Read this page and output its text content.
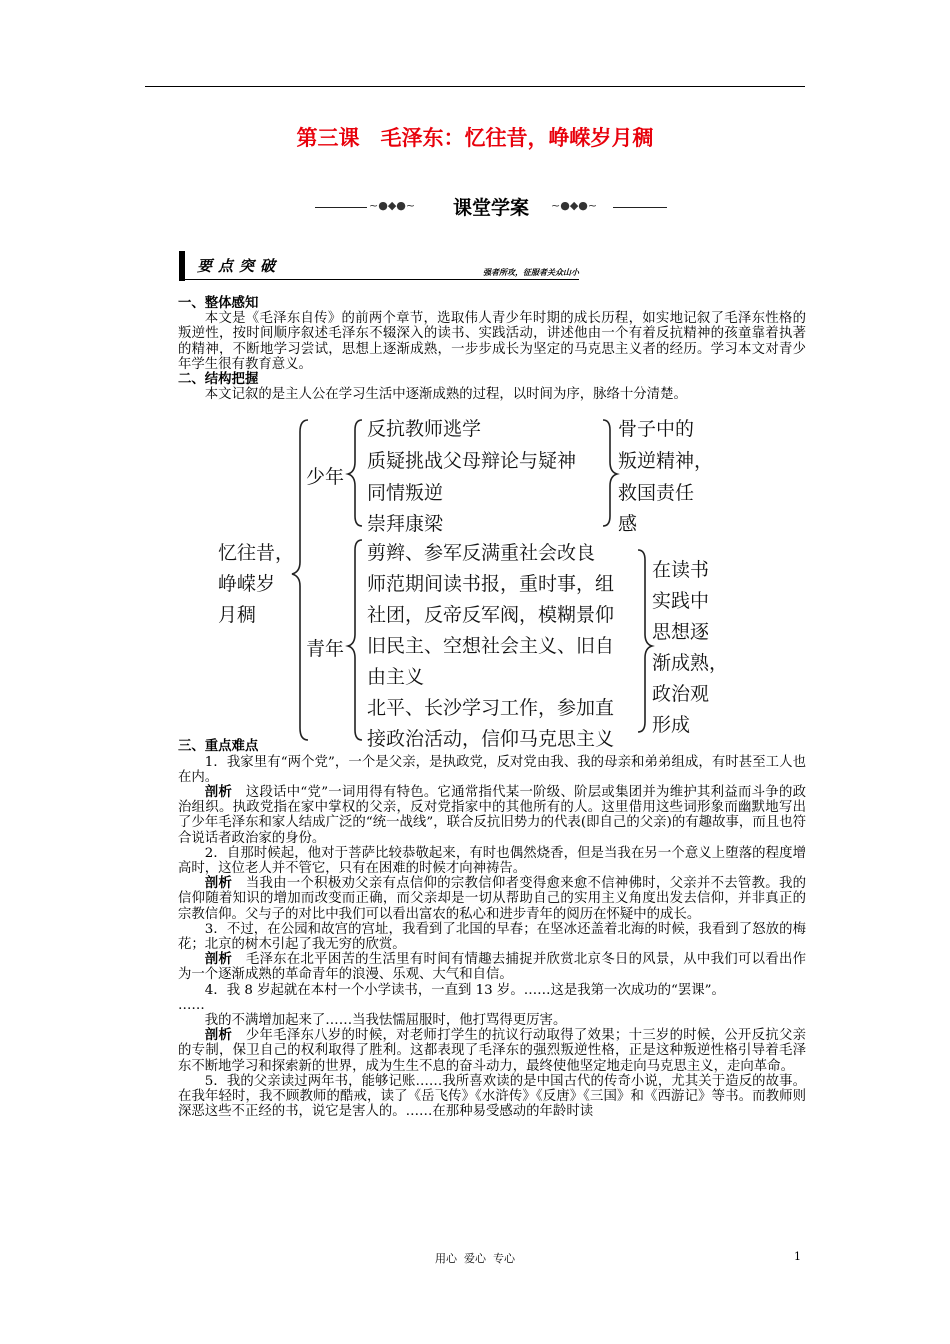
第三课　毛泽东：忆往昔，峥嵘岁月稠
~●◆●~	课堂学案	~●◆●~
要点突破	强者所攻，征服者关众山小
一、整体感知

本文是《毛泽东自传》的前两个章节，选取伟人青少年时期的成长历程，如实地记叙了毛泽东性格的叛逆性，按时间顺序叙述毛泽东不辍深入的读书、实践活动，讲述他由一个有着反抗精神的孩童靠着执著的精神，不断地学习尝试，思想上逐渐成熟，一步步成长为坚定的马克思主义者的经历。学习本文对青少年学生很有教育意义。

二、结构把握

本文记叙的是主人公在学习生活中逐渐成熟的过程，以时间为序，脉络十分清楚。

三、重点难点

1．我家里有“两个党”，一个是父亲，是执政党，反对党由我、我的母亲和弟弟组成，有时甚至工人也在内。

剖析　 这段话中“党”一词用得有特色。它通常指代某一阶级、阶层或集团并为维护其利益而斗争的政治组织。执政党指在家中掌权的父亲，反对党指家中的其他所有的人。这里借用这些词形象而幽默地写出了少年毛泽东和家人结成广泛的“统一战线”，联合反抗旧势力的代表(即自己的父亲)的有趣故事，而且也符合说话者政治家的身份。

2．自那时候起，他对于菩萨比较恭敬起来，有时也偶然烧香，但是当我在另一个意义上堕落的程度增高时，这位老人并不管它，只有在困难的时候才向神祷告。

剖析　 当我由一个积极劝父亲有点信仰的宗教信仰者变得愈来愈不信神佛时，父亲并不去管教。我的信仰随着知识的增加而改变而正确，而父亲却是一切从帮助自己的实用主义角度出发去信仰，并非真正的宗教信仰。父与子的对比中我们可以看出富农的私心和进步青年的阅历在怀疑中的成长。

3．不过，在公园和故宫的宫址，我看到了北国的早春；在坚冰还盖着北海的时候，我看到了怒放的梅花；北京的树木引起了我无穷的欣赏。

剖析　 毛泽东在北平困苦的生活里有时间有情趣去捕捉并欣赏北京冬日的风景，从中我们可以看出作为一个逐渐成熟的革命青年的浪漫、乐观、大气和自信。

4．我 8 岁起就在本村一个小学读书，一直到 13 岁。……这是我第一次成功的“罢课”。

……

我的不满增加起来了……当我怯懦屈服时，他打骂得更厉害。

剖析　 少年毛泽东八岁的时候，对老师打学生的抗议行动取得了效果；十三岁的时候，公开反抗父亲的专制，保卫自己的权利取得了胜利。这都表现了毛泽东的强烈叛逆性格，正是这种叛逆性格引导着毛泽东不断地学习和探索新的世界，成为生生不息的奋斗动力，最终使他坚定地走向马克思主义，走向革命。

5．我的父亲读过两年书，能够记账……我所喜欢读的是中国古代的传奇小说，尤其关于造反的故事。在我年轻时，我不顾教师的酷戒，读了《岳飞传》《水浒传》《反唐》《三国》和《西游记》等书。而教师则深恶这些不正经的书，说它是害人的。……在那种易受感动的年龄时读

忆往昔，
峥嵘岁
月稠
少年
反抗教师逃学
质疑挑战父母辩论与疑神
同情叛逆
崇拜康梁
骨子中的
叛逆精神，
救国责任
感
青年
剪辫、参军反满重社会改良
师范期间读书报，重时事，组
社团，反帝反军阀，模糊景仰
旧民主、空想社会主义、旧自
由主义
北平、长沙学习工作，参加直
接政治活动，信仰马克思主义
在读书
实践中
思想逐
渐成熟，
政治观
形成
用心  爱心  专心	1
